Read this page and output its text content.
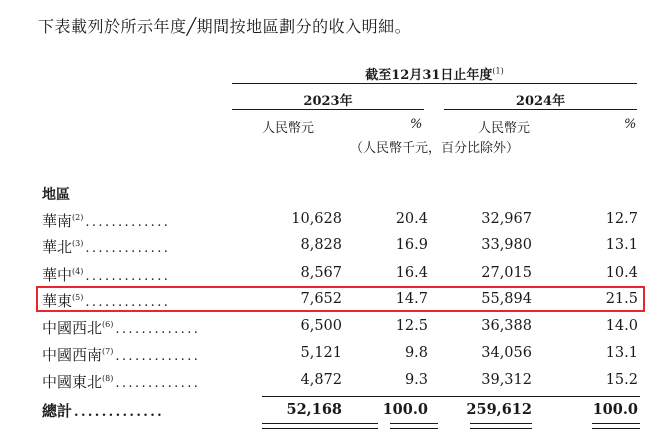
下表載列於所示年度╱期間按地區劃分的收入明細。
截至12月31日止年度$^{(1)}$
2023年	2024年
人民幣元	%	人民幣元	%
（人民幣千元，百分比除外）
地區
華南$^{(2)}$ .............	10,628	20.4	32,967	12.7
華北$^{(3)}$ .............	8,828	16.9	33,980	13.1
華中$^{(4)}$ .............	8,567	16.4	27,015	10.4
華東$^{(5)}$ .............	7,652	14.7	55,894	21.5
中國西北$^{(6)}$ .............	6,500	12.5	36,388	14.0
中國西南$^{(7)}$ .............	5,121	9.8	34,056	13.1
中國東北$^{(8)}$ .............	4,872	9.3	39,312	15.2
總計 .............	52,168	100.0	259,612	100.0
